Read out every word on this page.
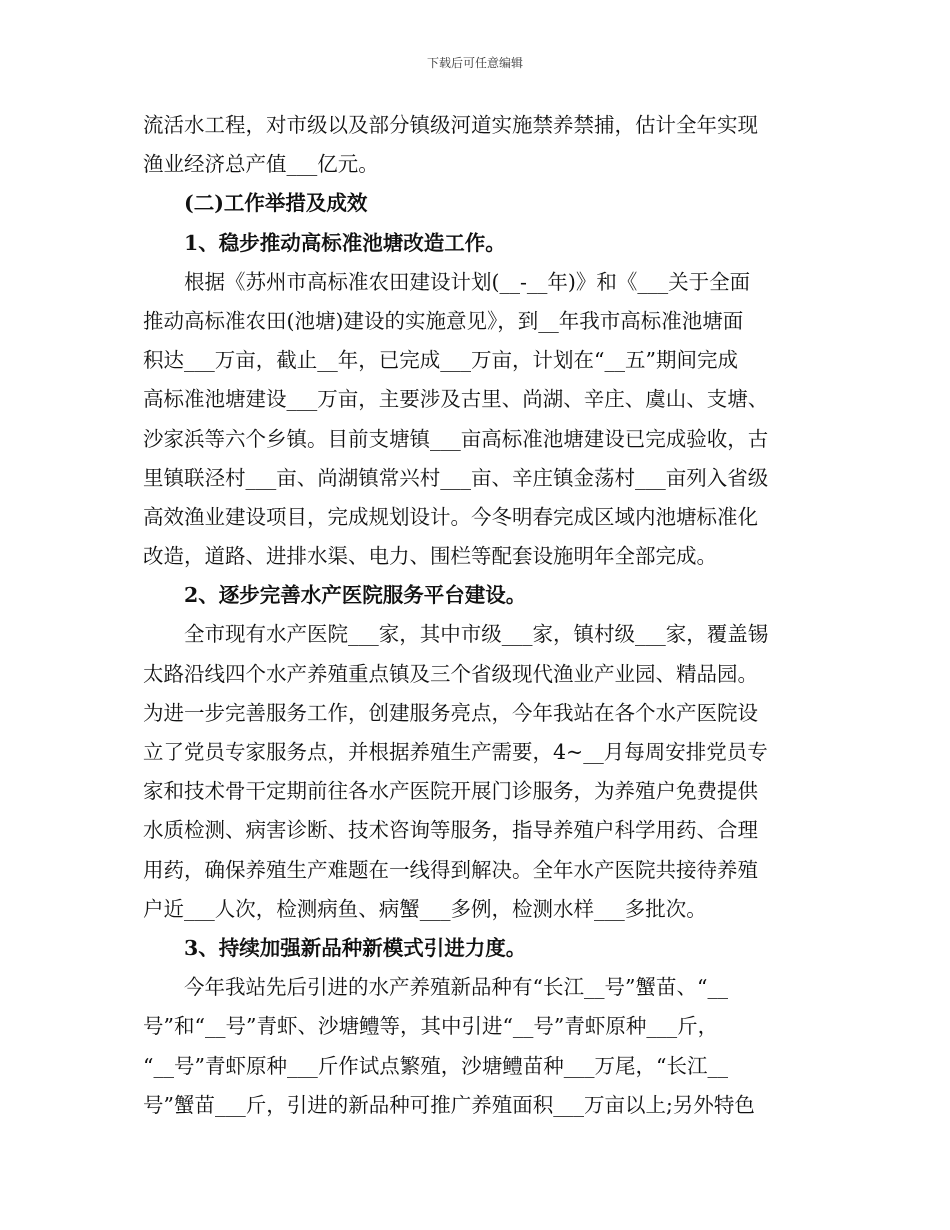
下载后可任意编辑
流活水工程，对市级以及部分镇级河道实施禁养禁捕，估计全年实现
渔业经济总产值___亿元。
(二)工作举措及成效
1、稳步推动高标准池塘改造工作。
根据《苏州市高标准农田建设计划(__-__年)》和《___关于全面
推动高标准农田(池塘)建设的实施意见》，到__年我市高标准池塘面
积达___万亩，截止__年，已完成___万亩，计划在“__五”期间完成
高标准池塘建设___万亩，主要涉及古里、尚湖、辛庄、虞山、支塘、
沙家浜等六个乡镇。目前支塘镇___亩高标准池塘建设已完成验收，古
里镇联泾村___亩、尚湖镇常兴村___亩、辛庄镇金荡村___亩列入省级
高效渔业建设项目，完成规划设计。今冬明春完成区域内池塘标准化
改造，道路、进排水渠、电力、围栏等配套设施明年全部完成。
2、逐步完善水产医院服务平台建设。
全市现有水产医院___家，其中市级___家，镇村级___家，覆盖锡
太路沿线四个水产养殖重点镇及三个省级现代渔业产业园、精品园。
为进一步完善服务工作，创建服务亮点，今年我站在各个水产医院设
立了党员专家服务点，并根据养殖生产需要，4~__月每周安排党员专
家和技术骨干定期前往各水产医院开展门诊服务，为养殖户免费提供
水质检测、病害诊断、技术咨询等服务，指导养殖户科学用药、合理
用药，确保养殖生产难题在一线得到解决。全年水产医院共接待养殖
户近___人次，检测病鱼、病蟹___多例，检测水样___多批次。
3、持续加强新品种新模式引进力度。
今年我站先后引进的水产养殖新品种有“长江__号”蟹苗、“__
号”和“__号”青虾、沙塘鳢等，其中引进“__号”青虾原种___斤，
“__号”青虾原种___斤作试点繁殖，沙塘鳢苗种___万尾，“长江__
号”蟹苗___斤，引进的新品种可推广养殖面积___万亩以上;另外特色
